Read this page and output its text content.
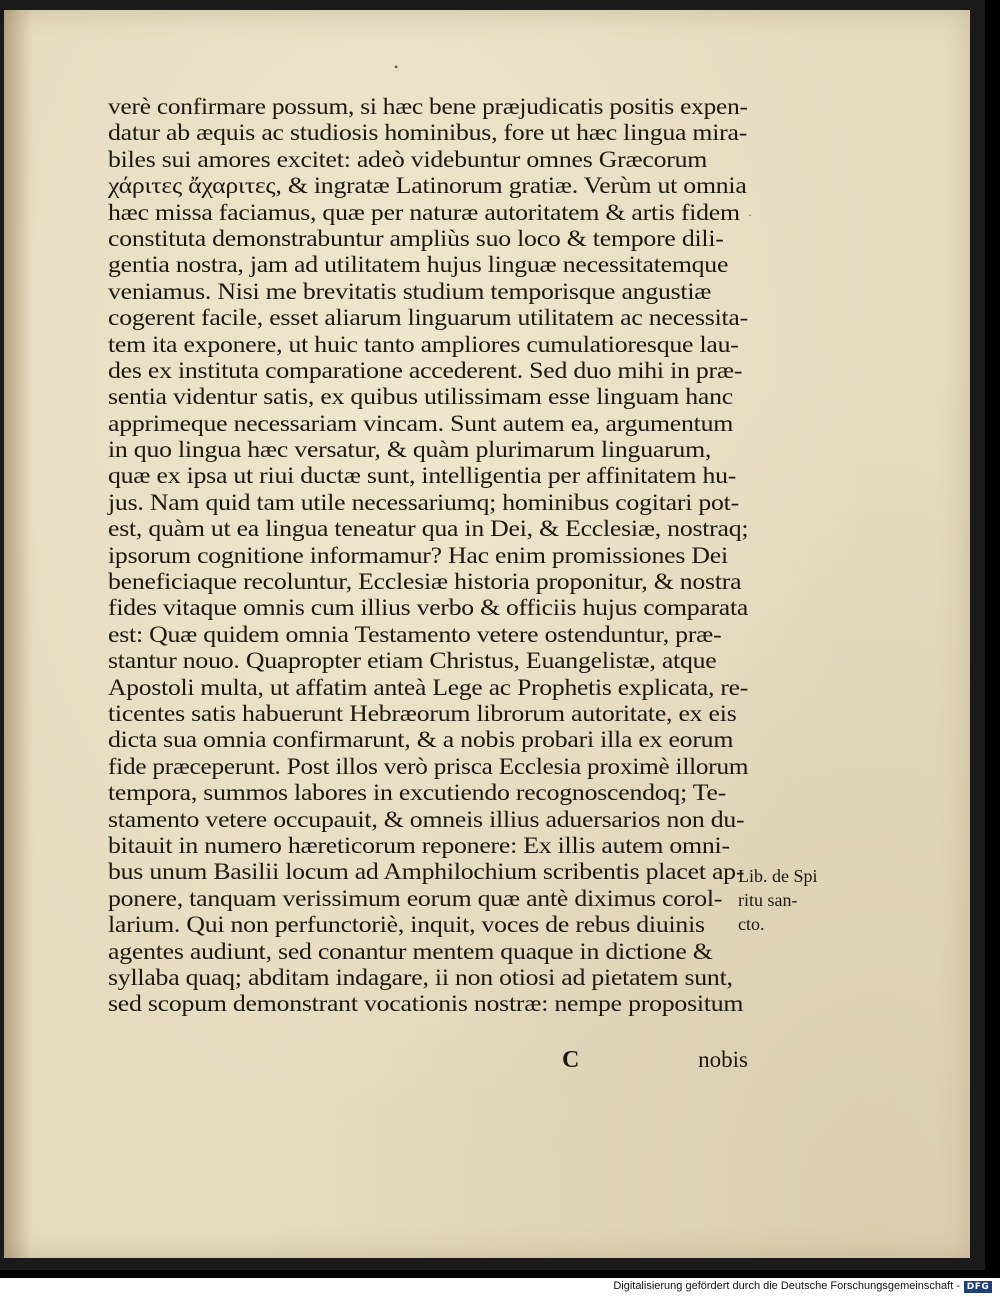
•
·
verè confirmare possum, si hæc bene præjudicatis positis expen-
datur ab æquis ac studiosis hominibus, fore ut hæc lingua mira-
biles sui amores excitet: adeò videbuntur omnes Græcorum
χάριτες ἄχαριτες, & ingratæ Latinorum gratiæ. Verùm ut omnia
hæc missa faciamus, quæ per naturæ autoritatem & artis fidem
constituta demonstrabuntur ampliùs suo loco & tempore dili-
gentia nostra, jam ad utilitatem hujus linguæ necessitatemque
veniamus. Nisi me brevitatis studium temporisque angustiæ
cogerent facile, esset aliarum linguarum utilitatem ac necessita-
tem ita exponere, ut huic tanto ampliores cumulatioresque lau-
des ex instituta comparatione accederent. Sed duo mihi in præ-
sentia videntur satis, ex quibus utilissimam esse linguam hanc
apprimeque necessariam vincam. Sunt autem ea, argumentum
in quo lingua hæc versatur, & quàm plurimarum linguarum,
quæ ex ipsa ut riui ductæ sunt, intelligentia per affinitatem hu-
jus. Nam quid tam utile necessariumq; hominibus cogitari pot-
est, quàm ut ea lingua teneatur qua in Dei, & Ecclesiæ, nostraq;
ipsorum cognitione informamur? Hac enim promissiones Dei
beneficiaque recoluntur, Ecclesiæ historia proponitur, & nostra
fides vitaque omnis cum illius verbo & officiis hujus comparata
est: Quæ quidem omnia Testamento vetere ostenduntur, præ-
stantur nouo. Quapropter etiam Christus, Euangelistæ, atque
Apostoli multa, ut affatim anteà Lege ac Prophetis explicata, re-
ticentes satis habuerunt Hebræorum librorum autoritate, ex eis
dicta sua omnia confirmarunt, & a nobis probari illa ex eorum
fide præceperunt. Post illos verò prisca Ecclesia proximè illorum
tempora, summos labores in excutiendo recognoscendoq; Te-
stamento vetere occupauit, & omneis illius aduersarios non du-
bitauit in numero hæreticorum reponere: Ex illis autem omni-
bus unum Basilii locum ad Amphilochium scribentis placet ap-
ponere, tanquam verissimum eorum quæ antè diximus corol-
larium. Qui non perfunctoriè, inquit, voces de rebus diuinis
agentes audiunt, sed conantur mentem quaque in dictione &
syllaba quaq; abditam indagare, ii non otiosi ad pietatem sunt,
sed scopum demonstrant vocationis nostræ: nempe propositum
Lib. de Spi
ritu san-
cto.
C	nobis
Digitalisierung gefördert durch die Deutsche Forschungsgemeinschaft - DFG
